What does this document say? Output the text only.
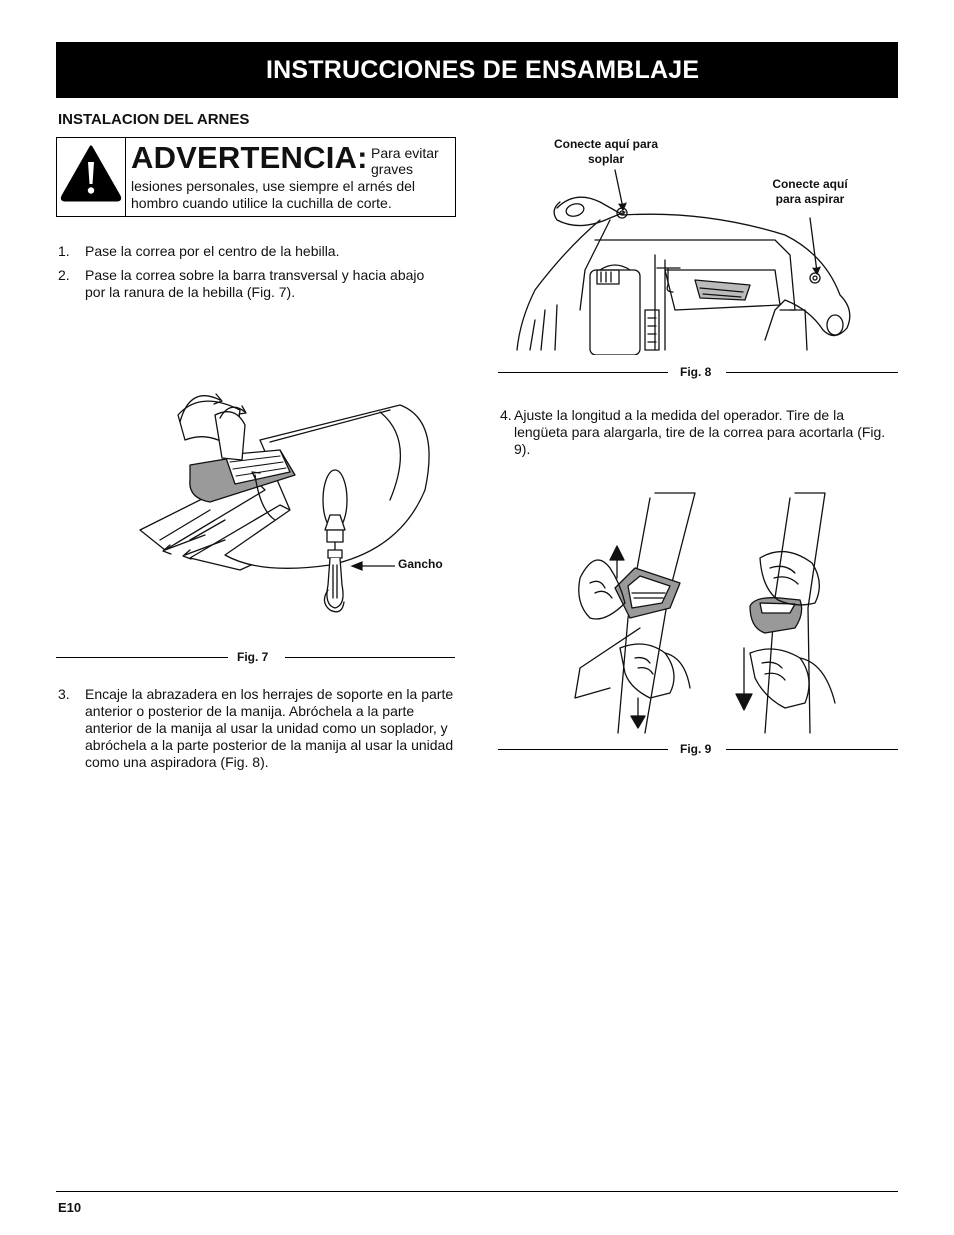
INSTRUCCIONES DE ENSAMBLAJE
INSTALACION DEL ARNES
ADVERTENCIA: Para evitar graves
lesiones personales, use siempre el arnés del hombro cuando utilice la cuchilla de corte.
1. Pase la correa por el centro de la hebilla.
2. Pase la correa sobre la barra transversal y hacia abajo por la ranura de la hebilla (Fig. 7).
Gancho
Fig. 7
3. Encaje la abrazadera en los herrajes de soporte en la parte anterior o posterior de la manija. Abróchela a la parte anterior de la manija al usar la unidad como un soplador, y abróchela a la parte posterior de la manija al usar la unidad como una aspiradora (Fig. 8).
Conecte aquí para soplar
Conecte aquí para aspirar
Fig. 8
4. Ajuste la longitud a la medida del operador. Tire de la lengüeta para alargarla, tire de la correa para acortarla (Fig. 9).
Fig. 9
E10
